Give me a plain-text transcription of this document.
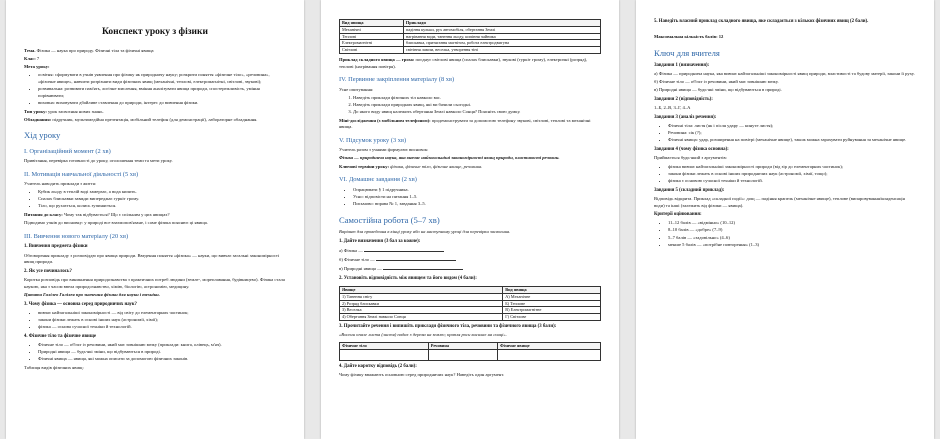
Конспект уроку з фізики

Тема. Фізика — наука про природу. Фізичні тіла та фізичні явища

Клас: 7

Мета уроку:

• освітня: сформувати в учнів уявлення про фізику як природничу науку; розкрити поняття «фізичне тіло», «речовина», «фізичне явище», навчити розрізняти види фізичних явищ (механічні, теплові, електромагнітні, світлові, звукові);
• розвивальна: розвивати пам'ять, логічне мислення, вміння аналізувати явища природи, спостережливість, уміння порівнювати;
• виховна: виховувати дбайливе ставлення до природи, інтерес до вивчення фізики.

Тип уроку: урок засвоєння нових знань.

Обладнання: підручник, мультимедійна презентація, мобільний телефон (для демонстрації), лабораторне обладнання.

Хід уроку
I. Організаційний момент (2 хв)

Привітання, перевірка готовності до уроку, оголошення теми та мети уроку.

II. Мотивація навчальної діяльності (5 хв)

Учитель наводить приклади з життя:

• Кубик льоду в теплій воді замерзає, а вода кипить.
• Спалах блискавки завжди випереджає гуркіт грому.
• Тіло, що рухається, колись зупиняється.

Питання до класу: Чому так відбувається? Що є спільним у цих явищах?

Підводимо учнів до висновку: у природі все взаємопов'язане, і саме фізика пояснює ці явища.

III. Вивчення нового матеріалу (20 хв)
1. Вивчення предмета фізики

Обговорення прикладу з розповіддю про явища природи. Введення поняття «фізика» — науки, що вивчає загальні закономірності явищ природи.

2. Як усе починалось?

Коротка розповідь про виникнення природознавства з практичних потреб людини (земле-, мореплавання, будівництво). Фізика стала наукою, яка з часом ввела природознавство, хімію, біологію, астрономію, медицину.

Цитата Галілео Галілея про значення фізики для науки і техніки.

3. Чому фізика — основна серед природничих наук?
• вивчає найзагальніші закономірності — від світу до елементарних частинок;
• закони фізики лежать в основі інших наук (астрономії, хімії);
• фізика — основа сучасної техніки й технологій.
4. Фізичне тіло та фізичне явище
• Фізичне тіло — об'єкт із речовини, який має зовнішню межу (приклади: книга, олівець, м'яч).
• Природні явища — будь-які зміни, що відбуваються в природі.
• Фізичні явища — явища, які можна описати за допомогою фізичних законів.

Таблиця видів фізичних явищ:

Вид явища	Приклади
Механічні	падіння кульки, рух автомобіля, обертання Землі
Теплові	нагрівання води, танення льоду, кипіння чайника
Електромагнітні	блискавка, притягання магнітом, робота електродвигуна
Світлові	світіння лампи, веселка, утворення тіні

Приклад складного явища — гроза: поєднує світлові явища (спалах блискавки), звукові (гуркіт грому), електричні (розряд), теплові (нагрівання повітря).

IV. Первинне закріплення матеріалу (8 хв)

Усне опитування:

1. Наведіть приклади фізичних тіл навколо вас.
2. Наведіть приклади природних явищ, які ви бачили сьогодні.
3. До якого виду явищ належить обертання Землі навколо Сонця? Поясніть свою думку.

Міні-дослідження (з мобільним телефоном): продемонструвати за допомогою телефону звукові, світлові, теплові та механічні явища.

V. Підсумок уроку (3 хв)

Учитель разом з учнями формулює висновок:

Фізика — природнича наука, яка вивчає найзагальніші закономірності явищ природи, властивості речовин.

Ключові терміни уроку: фізика, фізичне тіло, фізичне явище, речовина.

VI. Домашнє завдання (2 хв)
• Опрацювати § 1 підручника.
• Усно: відповісти на питання 1–5.
• Письмово: вправа № 1, завдання 3–5.
Самостійна робота (5–7 хв)

Варіант для проведення в кінці уроку або на наступному уроці для перевірки засвоєння.

1. Дайте визначення (3 бал за кожне):

а) Фізика —

б) Фізичне тіло —

в) Природні явища —

2. Установіть відповідність між явищем та його видом (4 бали):
Явище	Вид явища
1) Танення снігу	А) Механічне
2) Розряд блискавки	Б) Теплове
3) Веселка	В) Електромагнітне
4) Обертання Землі навколо Сонця	Г) Світлове
3. Прочитайте речення і випишіть приклади фізичного тіла, речовини та фізичного явища (3 бали):

«Восени опале листя (листя) падає з дерева на землю; крапля роси висихає на сонці».

Фізичне тіло	Речовина	Фізичне явище

4. Дайте коротку відповідь (2 бали):

Чому фізику вважають основною серед природничих наук? Наведіть один аргумент.

5. Наведіть власний приклад складного явища, яке складається з кількох фізичних явищ (2 бали).

Максимальна кількість балів: 12

Ключ для вчителя
Завдання 1 (визначення):

а) Фізика — природнича наука, яка вивчає найзагальніші закономірності явищ природи, властивості та будову матерії, закони її руху.

б) Фізичне тіло — об'єкт із речовини, який має зовнішню межу.

в) Природні явища — будь-які зміни, що відбуваються в природі.

Завдання 2 (відповідність):

1–Б, 2–В, 3–Г, 4–А

Завдання 3 (аналіз речення):
• Фізичні тіла: листя (як і після удару — кинуте листя);
• Речовина: сік (?);
• Фізичні явища: удар, розширення на повітрі (механічне явище), також можна зарахувати руйнування за механічне явище.
Завдання 4 (чому фізика основна):

Приймається будь-який з аргументів:

• фізика вивчає найзагальніші закономірності природи (від зір до елементарних частинок);
• закони фізики лежать в основі інших природничих наук (астрономії, хімії, тощо);
• фізика є основою сучасної техніки й технологій.
Завдання 5 (складний приклад):

Відповідь відкрита. Приклад «складної події»: дощ — падіння крапель (механічне явище), теплове (випаровування/конденсація води) та інші (залежить від фізики — явища).

Критерії оцінювання:
• 11–12 балів — «відмінно» (10–12)
• 8–10 балів — «добре» (7–9)
• 5–7 балів — «задовільно» (4–6)
• менше 5 балів — «потрібне повторення» (1–3)
